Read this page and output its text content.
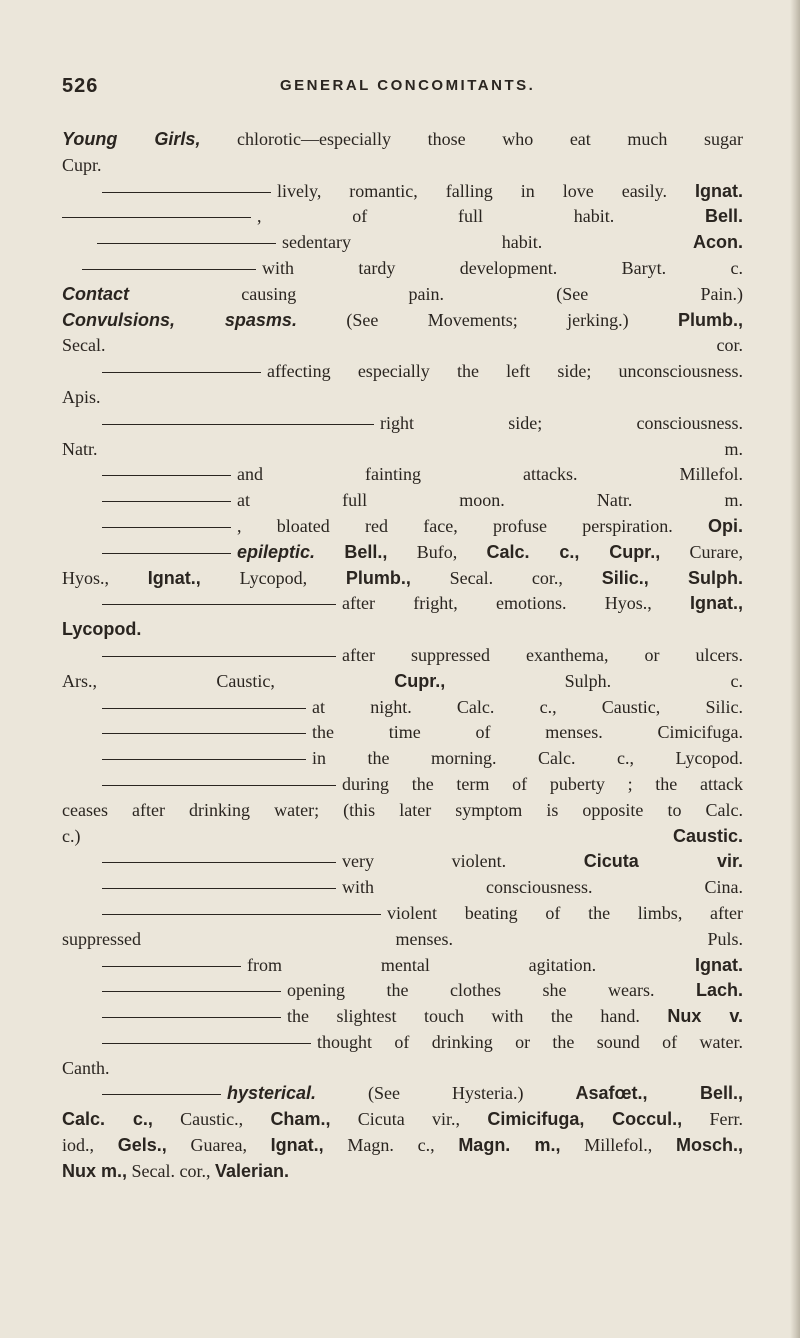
526	GENERAL CONCOMITANTS.
Young Girls, chlorotic—especially those who eat much sugar
Cupr.
lively, romantic, falling in love easily. Ignat.
, of full habit. Bell.
sedentary habit. Acon.
with tardy development. Baryt. c.
Contact causing pain. (See Pain.)
Convulsions, spasms. (See Movements; jerking.) Plumb.,
Secal. cor.
affecting especially the left side; unconsciousness.
Apis.
right side; consciousness.
Natr. m.
and fainting attacks. Millefol.
at full moon. Natr. m.
, bloated red face, profuse perspiration. Opi.
epileptic. Bell., Bufo, Calc. c., Cupr., Curare,
Hyos., Ignat., Lycopod, Plumb., Secal. cor., Silic., Sulph.
after fright, emotions. Hyos., Ignat.,
Lycopod.
after suppressed exanthema, or ulcers.
Ars., Caustic, Cupr., Sulph. c.
at night. Calc. c., Caustic, Silic.
the time of menses. Cimicifuga.
in the morning. Calc. c., Lycopod.
during the term of puberty ; the attack
ceases after drinking water; (this later symptom is opposite to Calc.
c.) Caustic.
very violent. Cicuta vir.
with consciousness. Cina.
violent beating of the limbs, after
suppressed menses. Puls.
from mental agitation. Ignat.
opening the clothes she wears. Lach.
the slightest touch with the hand. Nux v.
thought of drinking or the sound of water.
Canth.
hysterical. (See Hysteria.) Asafœt., Bell.,
Calc. c., Caustic., Cham., Cicuta vir., Cimicifuga, Coccul., Ferr.
iod., Gels., Guarea, Ignat., Magn. c., Magn. m., Millefol., Mosch.,
Nux m., Secal. cor., Valerian.
